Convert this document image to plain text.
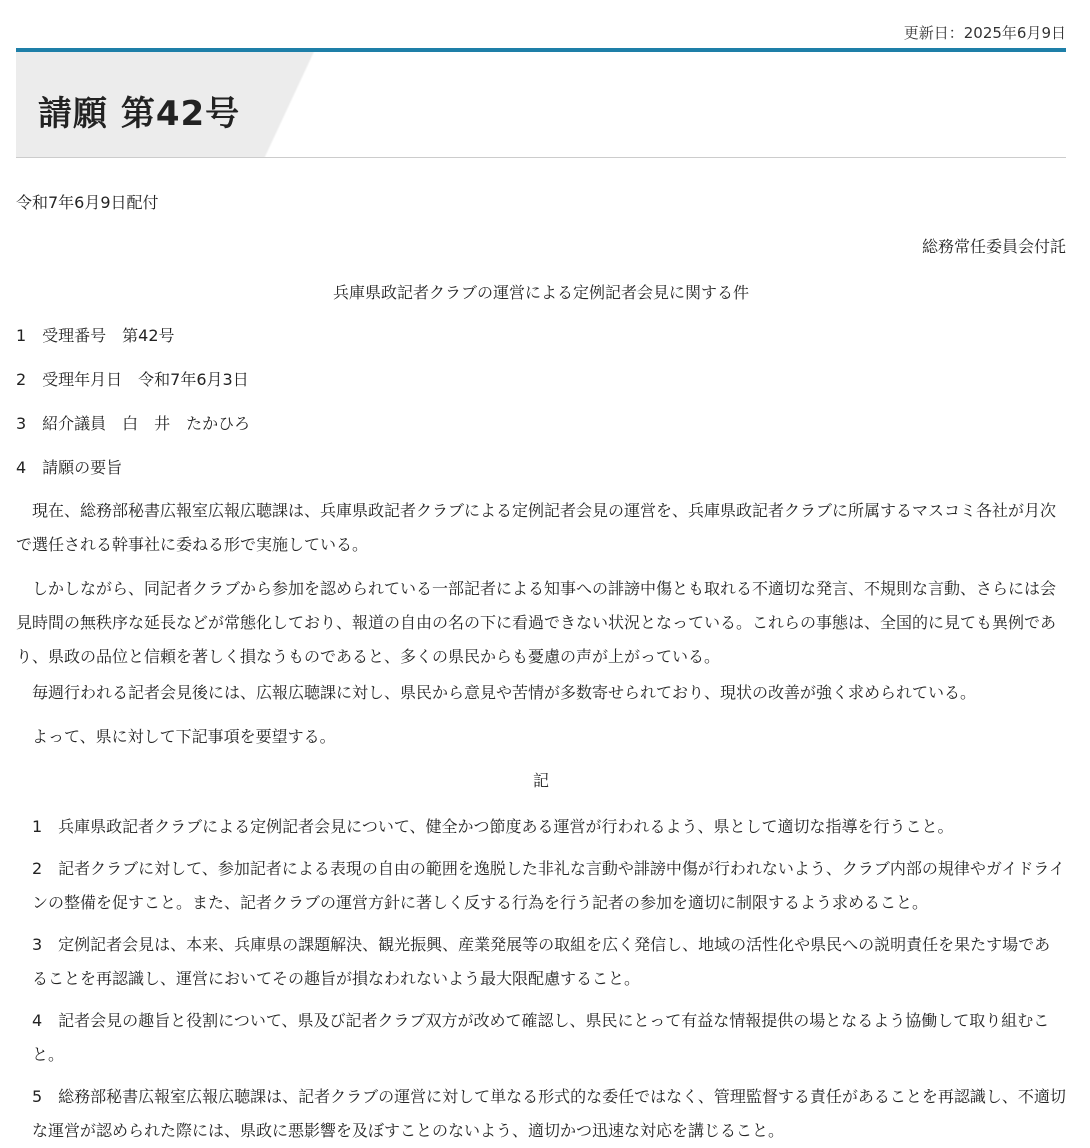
更新日：2025年6月9日
請願 第42号
令和7年6月9日配付
総務常任委員会付託
兵庫県政記者クラブの運営による定例記者会見に関する件
1　受理番号　第42号
2　受理年月日　令和7年6月3日
3　紹介議員　白　井　たかひろ
4　請願の要旨
現在、総務部秘書広報室広報広聴課は、兵庫県政記者クラブによる定例記者会見の運営を、兵庫県政記者クラブに所属するマスコミ各社が月次で選任される幹事社に委ねる形で実施している。
しかしながら、同記者クラブから参加を認められている一部記者による知事への誹謗中傷とも取れる不適切な発言、不規則な言動、さらには会見時間の無秩序な延長などが常態化しており、報道の自由の名の下に看過できない状況となっている。これらの事態は、全国的に見ても異例であり、県政の品位と信頼を著しく損なうものであると、多くの県民からも憂慮の声が上がっている。
毎週行われる記者会見後には、広報広聴課に対し、県民から意見や苦情が多数寄せられており、現状の改善が強く求められている。
よって、県に対して下記事項を要望する。
記
1　兵庫県政記者クラブによる定例記者会見について、健全かつ節度ある運営が行われるよう、県として適切な指導を行うこと。
2　記者クラブに対して、参加記者による表現の自由の範囲を逸脱した非礼な言動や誹謗中傷が行われないよう、クラブ内部の規律やガイドラインの整備を促すこと。また、記者クラブの運営方針に著しく反する行為を行う記者の参加を適切に制限するよう求めること。
3　定例記者会見は、本来、兵庫県の課題解決、観光振興、産業発展等の取組を広く発信し、地域の活性化や県民への説明責任を果たす場であることを再認識し、運営においてその趣旨が損なわれないよう最大限配慮すること。
4　記者会見の趣旨と役割について、県及び記者クラブ双方が改めて確認し、県民にとって有益な情報提供の場となるよう協働して取り組むこと。
5　総務部秘書広報室広報広聴課は、記者クラブの運営に対して単なる形式的な委任ではなく、管理監督する責任があることを再認識し、不適切な運営が認められた際には、県政に悪影響を及ぼすことのないよう、適切かつ迅速な対応を講じること。
